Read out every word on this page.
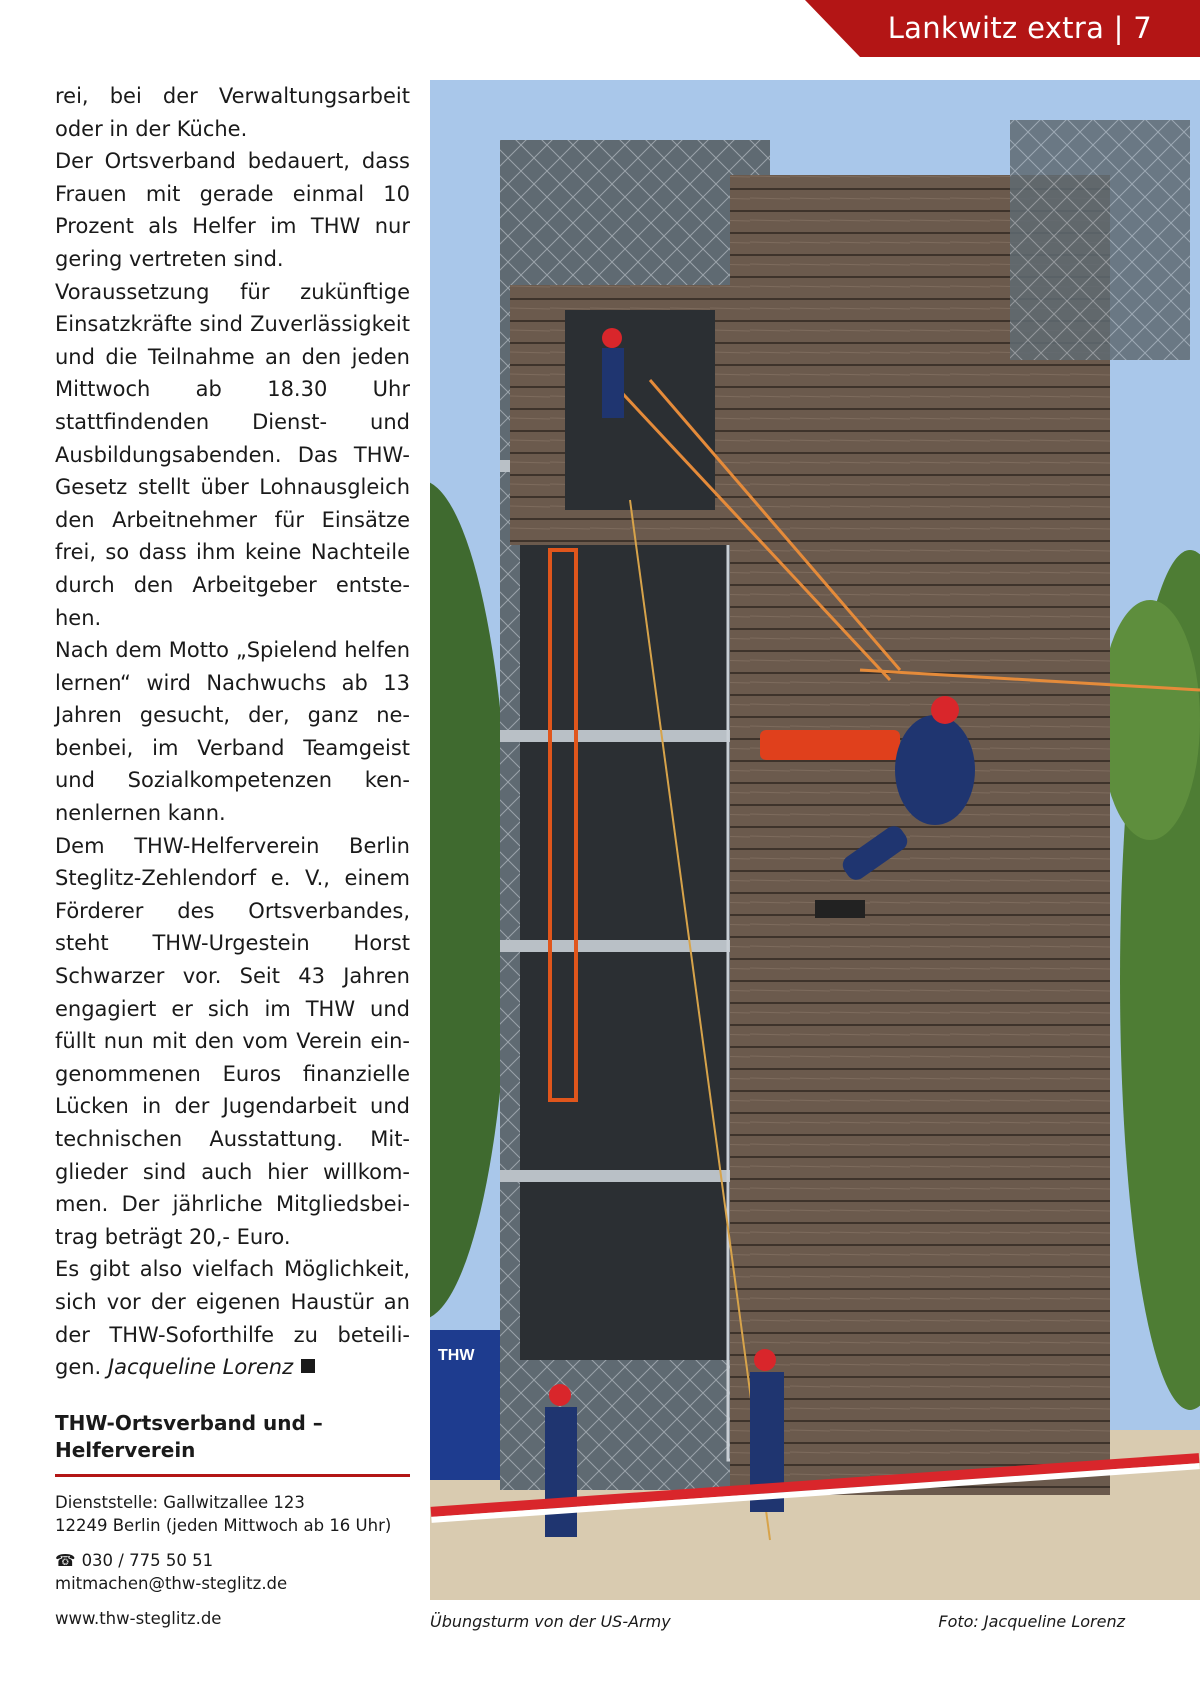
Lankwitz extra | 7

rei, bei der Verwaltungsarbeit oder in der Küche.

Der Ortsverband bedauert, dass Frauen mit gerade einmal 10 Prozent als Helfer im THW nur gering vertreten sind.

Voraussetzung für zukünftige Einsatzkräfte sind Zuverlässigkeit und die Teilnahme an den jeden Mittwoch ab 18.30 Uhr stattfindenden Dienst- und Ausbildungsabenden. Das THW-Gesetz stellt über Lohnausgleich den Arbeitnehmer für Einsätze frei, so dass ihm keine Nachteile durch den Arbeitgeber entstehen.

Nach dem Motto „Spielend helfen lernen“ wird Nachwuchs ab 13 Jahren gesucht, der, ganz nebenbei, im Verband Teamgeist und Sozialkompetenzen kennenlernen kann.

Dem THW-Helferverein Berlin Steglitz-Zehlendorf e. V., einem Förderer des Ortsverbandes, steht THW-Urgestein Horst Schwarzer vor. Seit 43 Jahren engagiert er sich im THW und füllt nun mit den vom Verein eingenommenen Euros finanzielle Lücken in der Jugendarbeit und technischen Ausstattung. Mitglieder sind auch hier willkommen. Der jährliche Mitgliedsbeitrag beträgt 20,- Euro.

Es gibt also vielfach Möglichkeit, sich vor der eigenen Haustür an der THW-Soforthilfe zu beteiligen. Jacqueline Lorenz

THW-Ortsverband und – Helferverein

Dienststelle: Gallwitzallee 123

12249 Berlin (jeden Mittwoch ab 16 Uhr)

☎ 030 / 775 50 51

mitmachen@thw-steglitz.de

www.thw-steglitz.de

THW
Übungsturm von der US-Army	Foto: Jacqueline Lorenz
